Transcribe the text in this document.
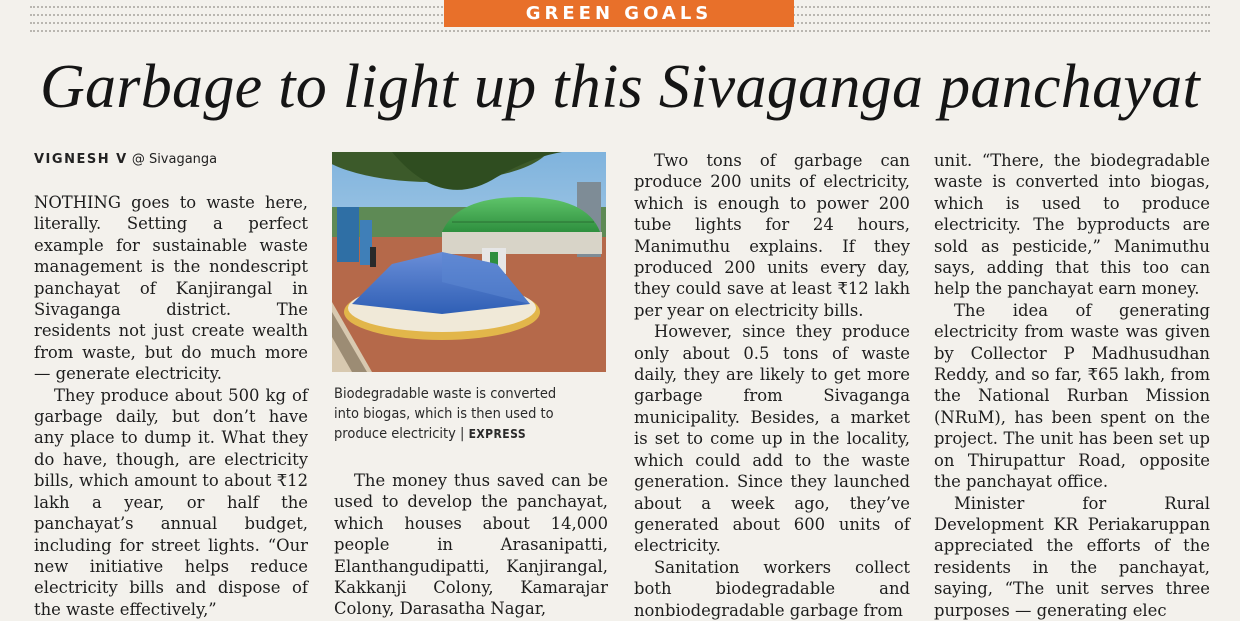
GREEN GOALS
Garbage to light up this Sivaganga panchayat
VIGNESH V @ Sivaganga

NOTHING goes to waste here, literally. Setting a perfect example for sustainable waste management is the nondescript panchayat of Kanjirangal in Sivaganga district. The residents not just create wealth from waste, but do much more — generate electricity.

They produce about 500 kg of garbage daily, but don’t have any place to dump it. What they do have, though, are electricity bills, which amount to about ₹12 lakh a year, or half the panchayat’s annual budget, including for street lights. “Our new initiative helps reduce electricity bills and dispose of the waste effectively,”

Biodegradable waste is converted into biogas, which is then used to produce electricity | EXPRESS

The money thus saved can be used to develop the panchayat, which houses about 14,000 people in Arasanipatti, Elanthangudipatti, Kanjirangal, Kakkanji Colony, Kamarajar Colony, Darasatha Nagar,

Two tons of garbage can produce 200 units of electricity, which is enough to power 200 tube lights for 24 hours, Manimuthu explains. If they produced 200 units every day, they could save at least ₹12 lakh per year on electricity bills.

However, since they produce only about 0.5 tons of waste daily, they are likely to get more garbage from Sivaganga municipality. Besides, a market is set to come up in the locality, which could add to the waste generation. Since they launched about a week ago, they’ve generated about 600 units of electricity.

Sanitation workers collect both biodegradable and nonbiodegradable garbage from

unit. “There, the biodegradable waste is converted into biogas, which is used to produce electricity. The byproducts are sold as pesticide,” Manimuthu says, adding that this too can help the panchayat earn money.

The idea of generating electricity from waste was given by Collector P Madhusudhan Reddy, and so far, ₹65 lakh, from the National Rurban Mission (NRuM), has been spent on the project. The unit has been set up on Thirupattur Road, opposite the panchayat office.

Minister for Rural Development KR Periakaruppan appreciated the efforts of the residents in the panchayat, saying, “The unit serves three purposes — generating elec
